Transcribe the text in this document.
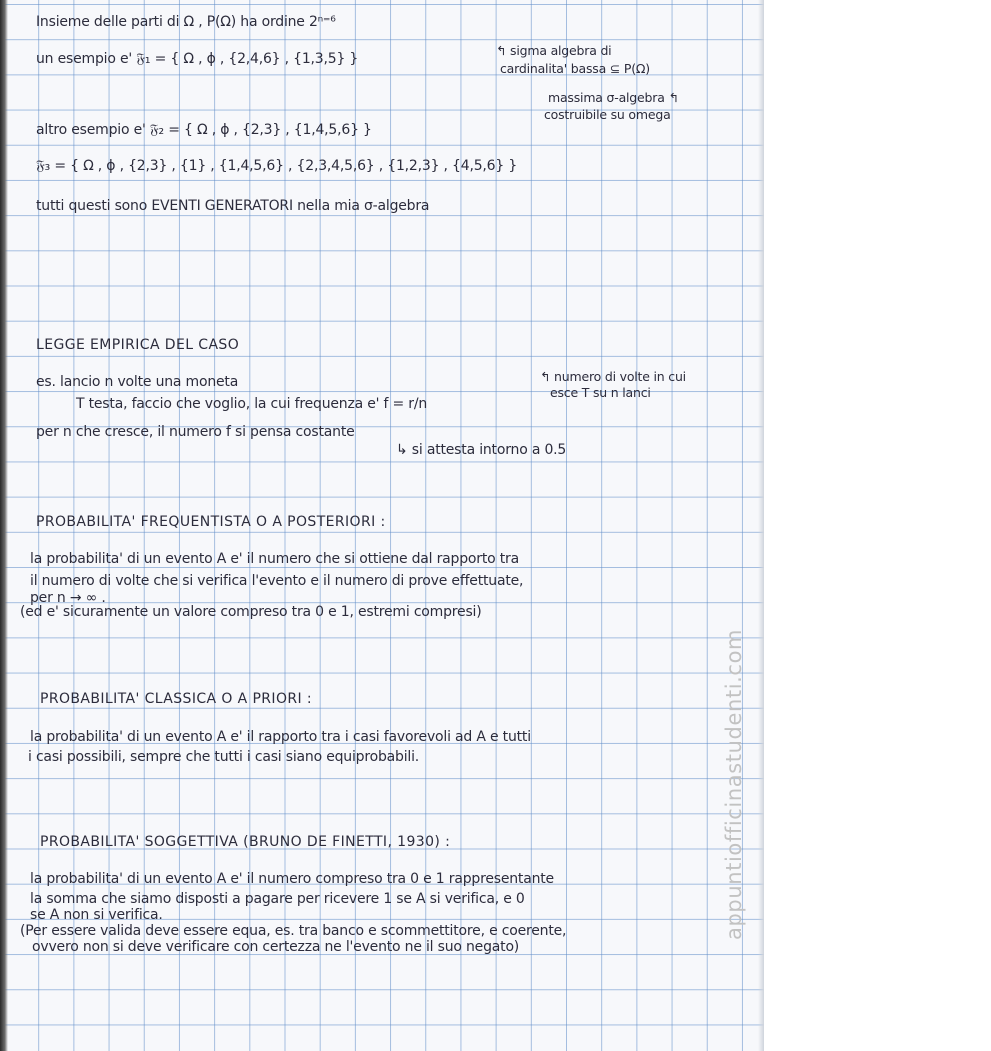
Insieme delle parti di Ω , P(Ω) ha ordine 2ⁿ⁼⁶
un esempio e' 𝔉₁ = { Ω , ϕ , {2,4,6} , {1,3,5} }
↰ sigma algebra di
cardinalita' bassa ⊆ P(Ω)
massima σ-algebra ↰
costruibile su omega
altro esempio e' 𝔉₂ = { Ω , ϕ , {2,3} , {1,4,5,6} }
𝔉₃ = { Ω , ϕ , {2,3} , {1} , {1,4,5,6} , {2,3,4,5,6} , {1,2,3} , {4,5,6} }
tutti questi sono EVENTI GENERATORI nella mia σ-algebra
LEGGE EMPIRICA DEL CASO
es. lancio n volte una moneta	↰ numero di volte in cui
esce T su n lanci
T testa, faccio che voglio, la cui frequenza e' f = r/n
per n che cresce, il numero f si pensa costante
↳ si attesta intorno a 0.5
PROBABILITA' FREQUENTISTA O A POSTERIORI :
la probabilita' di un evento A e' il numero che si ottiene dal rapporto tra
il numero di volte che si verifica l'evento e il numero di prove effettuate,
per n → ∞ .
(ed e' sicuramente un valore compreso tra 0 e 1, estremi compresi)
PROBABILITA' CLASSICA O A PRIORI :
la probabilita' di un evento A e' il rapporto tra i casi favorevoli ad A e tutti
i casi possibili, sempre che tutti i casi siano equiprobabili.
PROBABILITA' SOGGETTIVA (BRUNO DE FINETTI, 1930) :
la probabilita' di un evento A e' il numero compreso tra 0 e 1 rappresentante
la somma che siamo disposti a pagare per ricevere 1 se A si verifica, e 0
se A non si verifica.
(Per essere valida deve essere equa, es. tra banco e scommettitore, e coerente,
ovvero non si deve verificare con certezza ne l'evento ne il suo negato)
appuntiofficinastudenti.com
